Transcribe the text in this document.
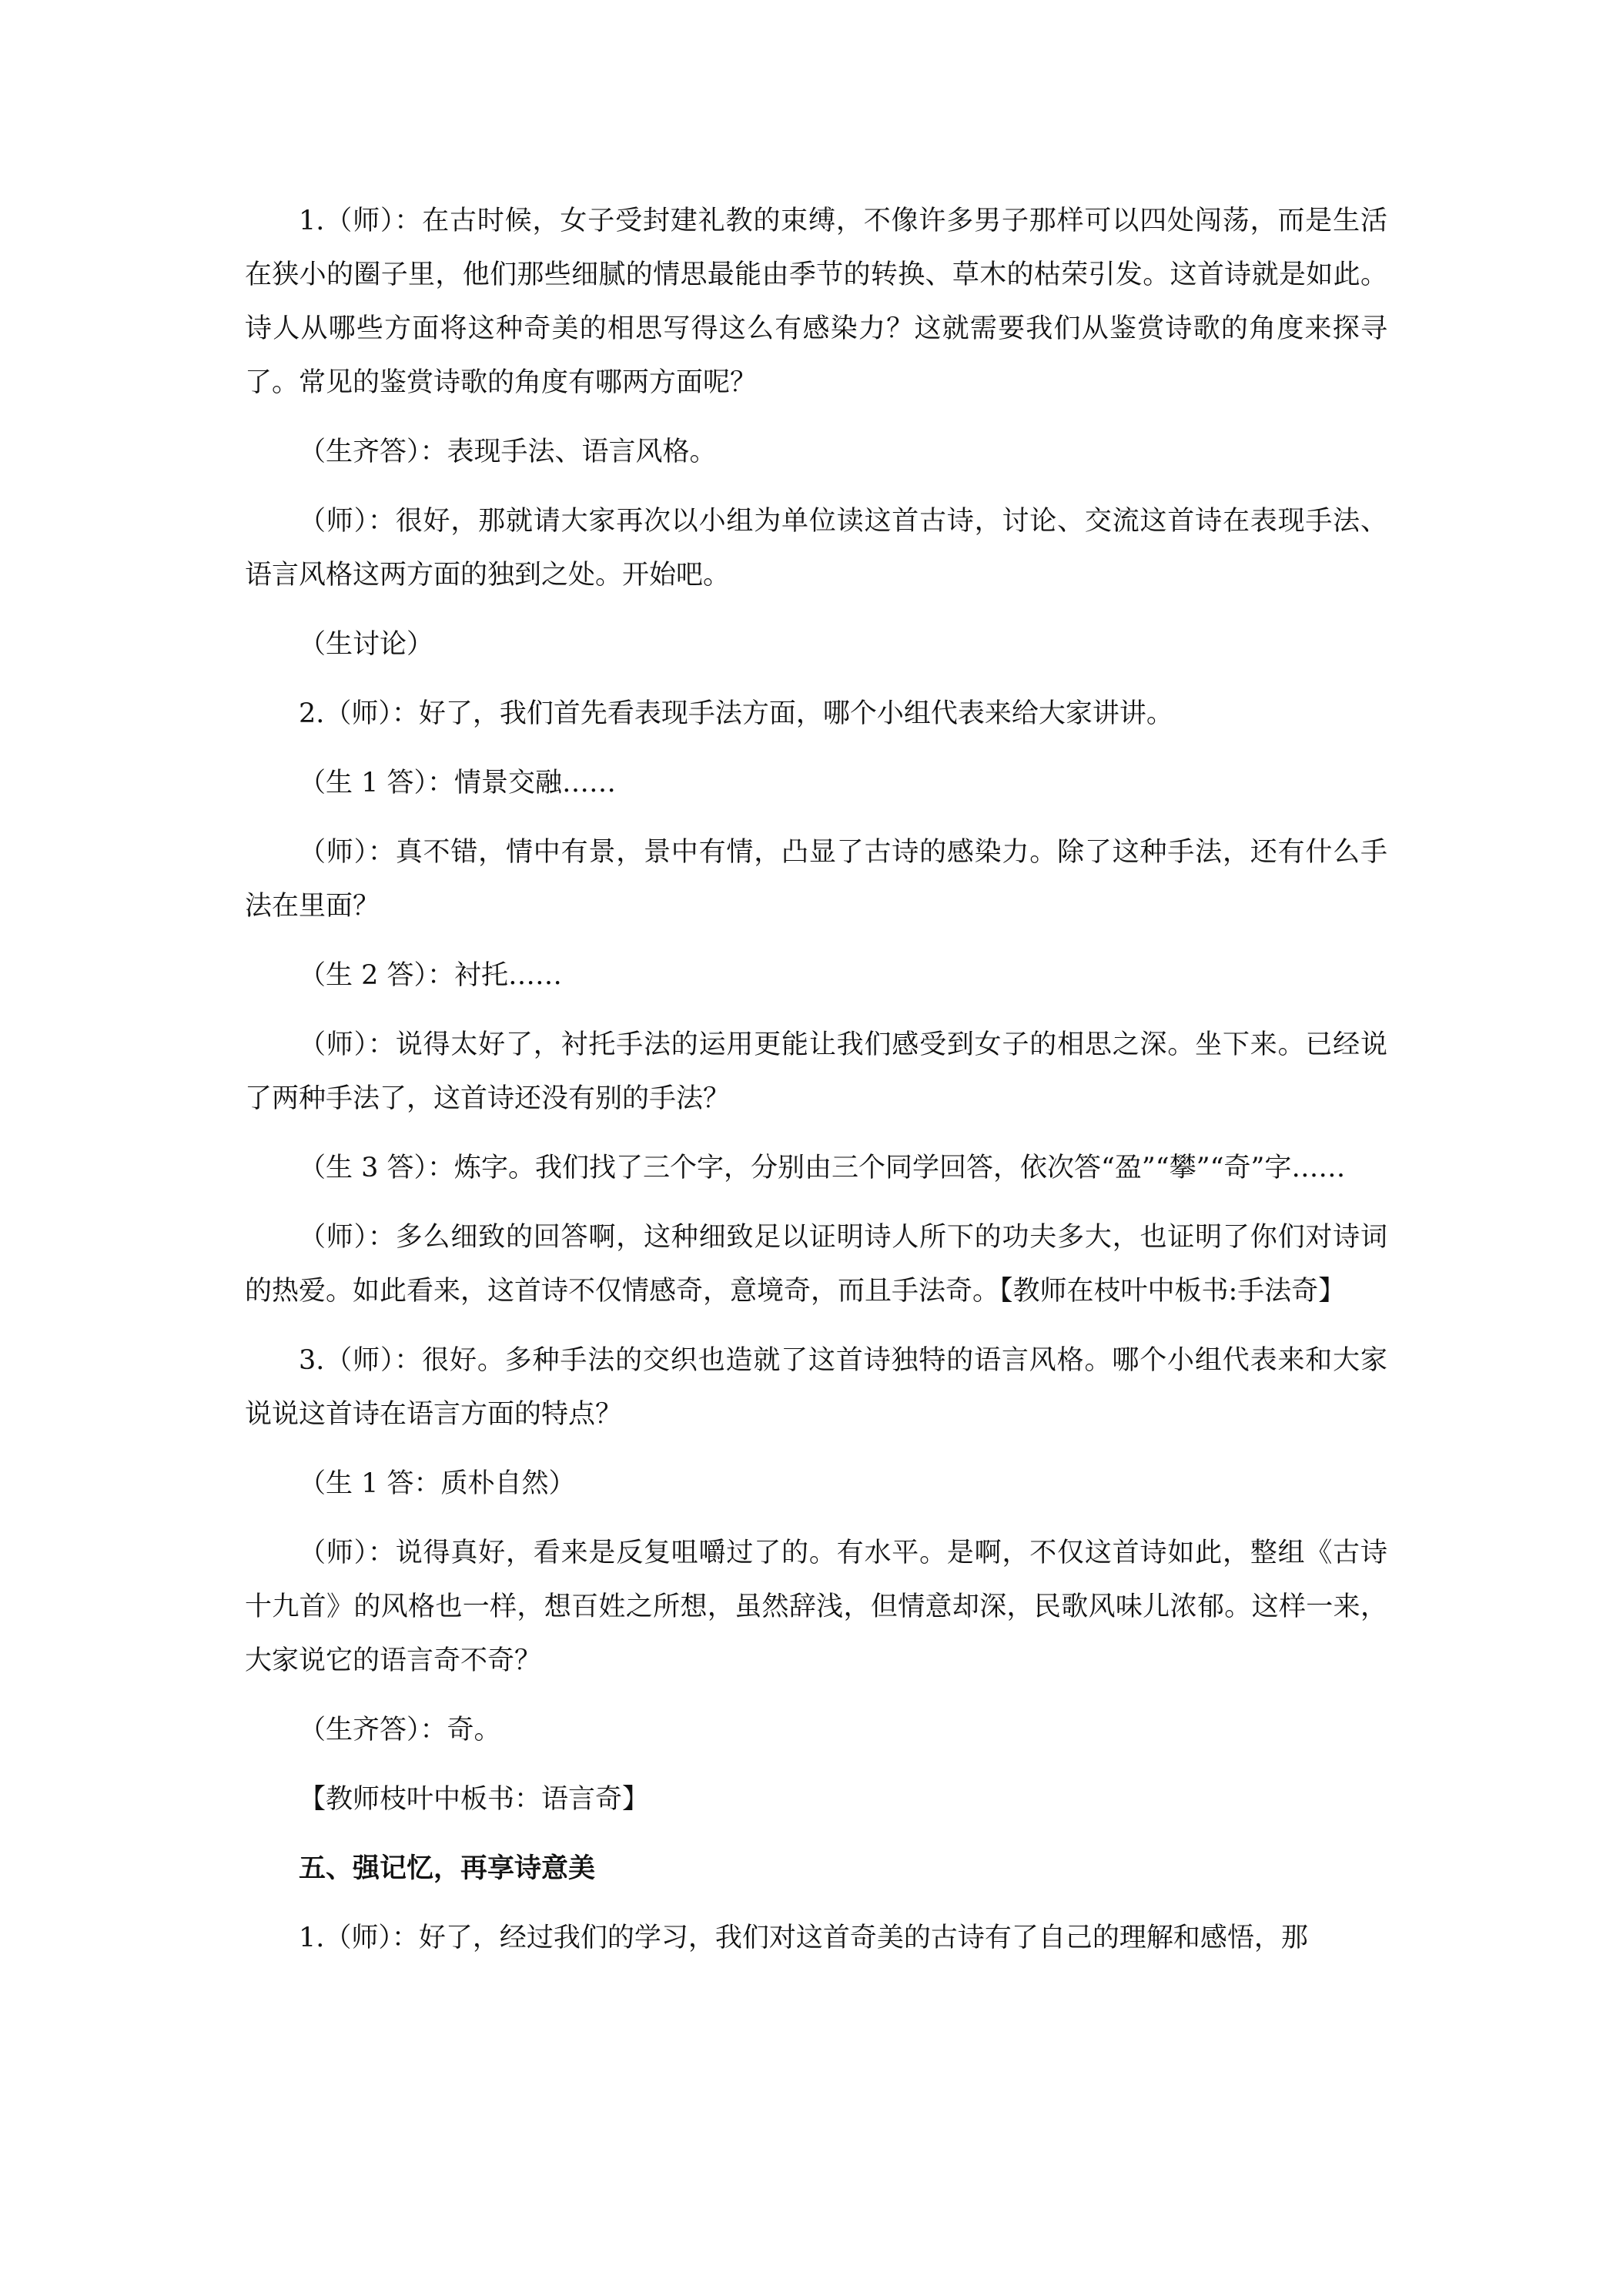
1.（师）：在古时候，女子受封建礼教的束缚，不像许多男子那样可以四处闯荡，而是生活在狭小的圈子里，他们那些细腻的情思最能由季节的转换、草木的枯荣引发。这首诗就是如此。诗人从哪些方面将这种奇美的相思写得这么有感染力？这就需要我们从鉴赏诗歌的角度来探寻了。常见的鉴赏诗歌的角度有哪两方面呢？

（生齐答）：表现手法、语言风格。

（师）：很好，那就请大家再次以小组为单位读这首古诗，讨论、交流这首诗在表现手法、语言风格这两方面的独到之处。开始吧。

（生讨论）

2.（师）：好了，我们首先看表现手法方面，哪个小组代表来给大家讲讲。

（生 1 答）：情景交融……

（师）：真不错，情中有景，景中有情，凸显了古诗的感染力。除了这种手法，还有什么手法在里面？

（生 2 答）：衬托……

（师）：说得太好了，衬托手法的运用更能让我们感受到女子的相思之深。坐下来。已经说了两种手法了，这首诗还没有别的手法？

（生 3 答）：炼字。我们找了三个字，分别由三个同学回答，依次答“盈”“攀”“奇”字……

（师）：多么细致的回答啊，这种细致足以证明诗人所下的功夫多大，也证明了你们对诗词的热爱。如此看来，这首诗不仅情感奇，意境奇，而且手法奇。【教师在枝叶中板书:手法奇】

3.（师）：很好。多种手法的交织也造就了这首诗独特的语言风格。哪个小组代表来和大家说说这首诗在语言方面的特点？

（生 1 答：质朴自然）

（师）：说得真好，看来是反复咀嚼过了的。有水平。是啊，不仅这首诗如此，整组《古诗十九首》的风格也一样，想百姓之所想，虽然辞浅，但情意却深，民歌风味儿浓郁。这样一来，大家说它的语言奇不奇？

（生齐答）：奇。

【教师枝叶中板书：语言奇】

五、强记忆，再享诗意美

1.（师）：好了，经过我们的学习，我们对这首奇美的古诗有了自己的理解和感悟，那
